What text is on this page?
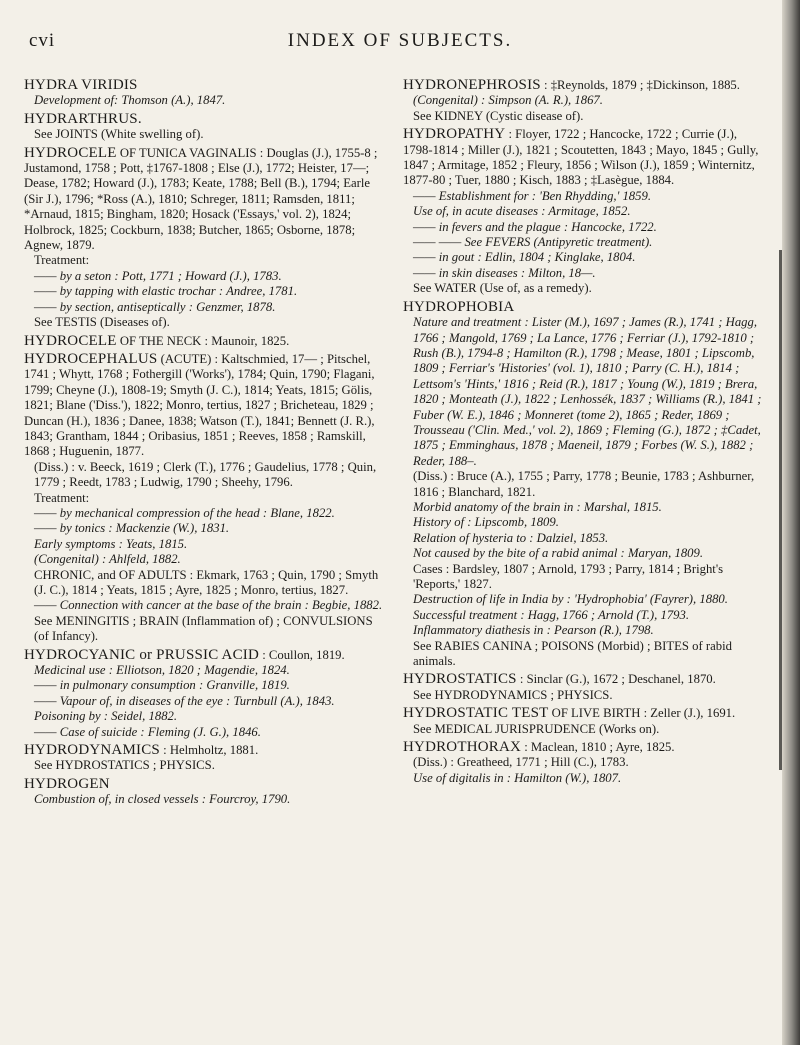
cvi	INDEX OF SUBJECTS.
HYDRA VIRIDIS
Development of: Thomson (A.), 1847.
HYDRARTHRUS.
See JOINTS (White swelling of).
HYDROCELE OF TUNICA VAGINALIS : Douglas (J.), 1755-8 ; Justamond, 1758 ; Pott, ‡1767-1808 ; Else (J.), 1772; Heister, 17—; Dease, 1782; Howard (J.), 1783; Keate, 1788; Bell (B.), 1794; Earle (Sir J.), 1796; *Ross (A.), 1810; Schreger, 1811; Ramsden, 1811; *Arnaud, 1815; Bingham, 1820; Hosack ('Essays,' vol. 2), 1824; Holbrock, 1825; Cockburn, 1838; Butcher, 1865; Osborne, 1878; Agnew, 1879.
Treatment:
—— by a seton : Pott, 1771 ; Howard (J.), 1783.
—— by tapping with elastic trochar : Andree, 1781.
—— by section, antiseptically : Genzmer, 1878.
See TESTIS (Diseases of).
HYDROCELE OF THE NECK : Maunoir, 1825.
HYDROCEPHALUS (ACUTE) : Kaltschmied, 17— ; Pitschel, 1741 ; Whytt, 1768 ; Fothergill ('Works'), 1784; Quin, 1790; Flagani, 1799; Cheyne (J.), 1808-19; Smyth (J. C.), 1814; Yeats, 1815; Gölis, 1821; Blane ('Diss.'), 1822; Monro, tertius, 1827 ; Bricheteau, 1829 ; Duncan (H.), 1836 ; Danee, 1838; Watson (T.), 1841; Bennett (J. R.), 1843; Grantham, 1844 ; Oribasius, 1851 ; Reeves, 1858 ; Ramskill, 1868 ; Huguenin, 1877.
(Diss.) : v. Beeck, 1619 ; Clerk (T.), 1776 ; Gaudelius, 1778 ; Quin, 1779 ; Reedt, 1783 ; Ludwig, 1790 ; Sheehy, 1796.
Treatment:
—— by mechanical compression of the head : Blane, 1822.
—— by tonics : Mackenzie (W.), 1831.
Early symptoms : Yeats, 1815.
(Congenital) : Ahlfeld, 1882.
CHRONIC, and OF ADULTS : Ekmark, 1763 ; Quin, 1790 ; Smyth (J. C.), 1814 ; Yeats, 1815 ; Ayre, 1825 ; Monro, tertius, 1827.
—— Connection with cancer at the base of the brain : Begbie, 1882.
See MENINGITIS ; BRAIN (Inflammation of) ; CONVULSIONS (of Infancy).
HYDROCYANIC or PRUSSIC ACID : Coullon, 1819.
Medicinal use : Elliotson, 1820 ; Magendie, 1824.
—— in pulmonary consumption : Granville, 1819.
—— Vapour of, in diseases of the eye : Turnbull (A.), 1843.
Poisoning by : Seidel, 1882.
—— Case of suicide : Fleming (J. G.), 1846.
HYDRODYNAMICS : Helmholtz, 1881.
See HYDROSTATICS ; PHYSICS.
HYDROGEN
Combustion of, in closed vessels : Fourcroy, 1790.
HYDRONEPHROSIS : ‡Reynolds, 1879 ; ‡Dickinson, 1885.
(Congenital) : Simpson (A. R.), 1867.
See KIDNEY (Cystic disease of).
HYDROPATHY : Floyer, 1722 ; Hancocke, 1722 ; Currie (J.), 1798-1814 ; Miller (J.), 1821 ; Scoutetten, 1843 ; Mayo, 1845 ; Gully, 1847 ; Armitage, 1852 ; Fleury, 1856 ; Wilson (J.), 1859 ; Winternitz, 1877-80 ; Tuer, 1880 ; Kisch, 1883 ; ‡Lasègue, 1884.
—— Establishment for : 'Ben Rhydding,' 1859.
Use of, in acute diseases : Armitage, 1852.
—— in fevers and the plague : Hancocke, 1722.
—— —— See FEVERS (Antipyretic treatment).
—— in gout : Edlin, 1804 ; Kinglake, 1804.
—— in skin diseases : Milton, 18—.
See WATER (Use of, as a remedy).
HYDROPHOBIA
Nature and treatment : Lister (M.), 1697 ; James (R.), 1741 ; Hagg, 1766 ; Mangold, 1769 ; La Lance, 1776 ; Ferriar (J.), 1792-1810 ; Rush (B.), 1794-8 ; Hamilton (R.), 1798 ; Mease, 1801 ; Lipscomb, 1809 ; Ferriar's 'Histories' (vol. 1), 1810 ; Parry (C. H.), 1814 ; Lettsom's 'Hints,' 1816 ; Reid (R.), 1817 ; Young (W.), 1819 ; Brera, 1820 ; Monteath (J.), 1822 ; Lenhossék, 1837 ; Williams (R.), 1841 ; Fuber (W. E.), 1846 ; Monneret (tome 2), 1865 ; Reder, 1869 ; Trousseau ('Clin. Med.,' vol. 2), 1869 ; Fleming (G.), 1872 ; ‡Cadet, 1875 ; Emminghaus, 1878 ; Maeneil, 1879 ; Forbes (W. S.), 1882 ; Reder, 188–.
(Diss.) : Bruce (A.), 1755 ; Parry, 1778 ; Beunie, 1783 ; Ashburner, 1816 ; Blanchard, 1821.
Morbid anatomy of the brain in : Marshal, 1815.
History of : Lipscomb, 1809.
Relation of hysteria to : Dalziel, 1853.
Not caused by the bite of a rabid animal : Maryan, 1809.
Cases : Bardsley, 1807 ; Arnold, 1793 ; Parry, 1814 ; Bright's 'Reports,' 1827.
Destruction of life in India by : 'Hydrophobia' (Fayrer), 1880.
Successful treatment : Hagg, 1766 ; Arnold (T.), 1793.
Inflammatory diathesis in : Pearson (R.), 1798.
See RABIES CANINA ; POISONS (Morbid) ; BITES of rabid animals.
HYDROSTATICS : Sinclar (G.), 1672 ; Deschanel, 1870.
See HYDRODYNAMICS ; PHYSICS.
HYDROSTATIC TEST OF LIVE BIRTH : Zeller (J.), 1691.
See MEDICAL JURISPRUDENCE (Works on).
HYDROTHORAX : Maclean, 1810 ; Ayre, 1825.
(Diss.) : Greatheed, 1771 ; Hill (C.), 1783.
Use of digitalis in : Hamilton (W.), 1807.
